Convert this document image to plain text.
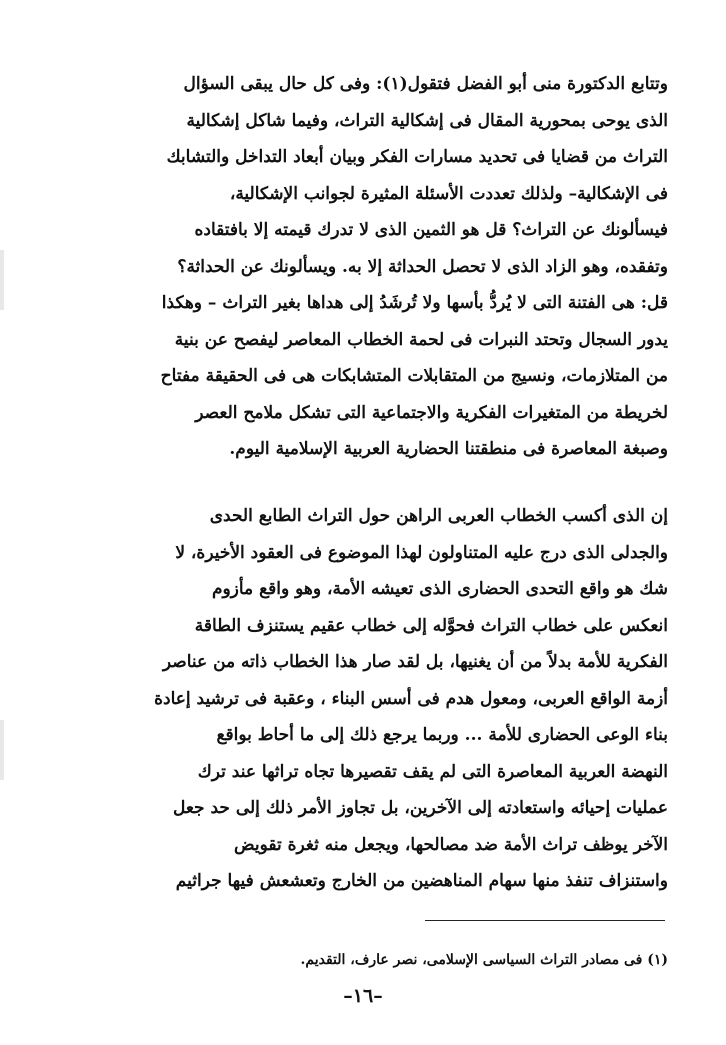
وتتابع الدكتورة منى أبو الفضل فتقول(١): وفى كل حال يبقى السؤال
الذى يوحى بمحورية المقال فى إشكالية التراث، وفيما شاكل إشكالية
التراث من قضايا فى تحديد مسارات الفكر وبيان أبعاد التداخل والتشابك
فى الإشكالية– ولذلك تعددت الأسئلة المثيرة لجوانب الإشكالية،
فيسألونك عن التراث؟ قل هو الثمين الذى لا تدرك قيمته إلا بافتقاده
وتفقده، وهو الزاد الذى لا تحصل الحداثة إلا به. ويسألونك عن الحداثة؟
قل: هى الفتنة التى لا يُردُّ بأسها ولا تُرشَدُ إلى هداها بغير التراث – وهكذا
يدور السجال وتحتد النبرات فى لحمة الخطاب المعاصر ليفصح عن بنية
من المتلازمات، ونسيج من المتقابلات المتشابكات هى فى الحقيقة مفتاح
لخريطة من المتغيرات الفكرية والاجتماعية التى تشكل ملامح العصر
وصبغة المعاصرة فى منطقتنا الحضارية العربية الإسلامية اليوم.
إن الذى أكسب الخطاب العربى الراهن حول التراث الطابع الحدى
والجدلى الذى درج عليه المتناولون لهذا الموضوع فى العقود الأخيرة، لا
شك هو واقع التحدى الحضارى الذى تعيشه الأمة، وهو واقع مأزوم
انعكس على خطاب التراث فحوَّله إلى خطاب عقيم يستنزف الطاقة
الفكرية للأمة بدلاً من أن يغنيها، بل لقد صار هذا الخطاب ذاته من عناصر
أزمة الواقع العربى، ومعول هدم فى أسس البناء ، وعقبة فى ترشيد إعادة
بناء الوعى الحضارى للأمة ... وربما يرجع ذلك إلى ما أحاط بواقع
النهضة العربية المعاصرة التى لم يقف تقصيرها تجاه تراثها عند ترك
عمليات إحيائه واستعادته إلى الآخرين، بل تجاوز الأمر ذلك إلى حد جعل
الآخر يوظف تراث الأمة ضد مصالحها، ويجعل منه ثغرة تقويض
واستنزاف تنفذ منها سهام المناهضين من الخارج وتعشعش فيها جراثيم
(١) فى مصادر التراث السياسى الإسلامى، نصر عارف، التقديم.
–١٦–
